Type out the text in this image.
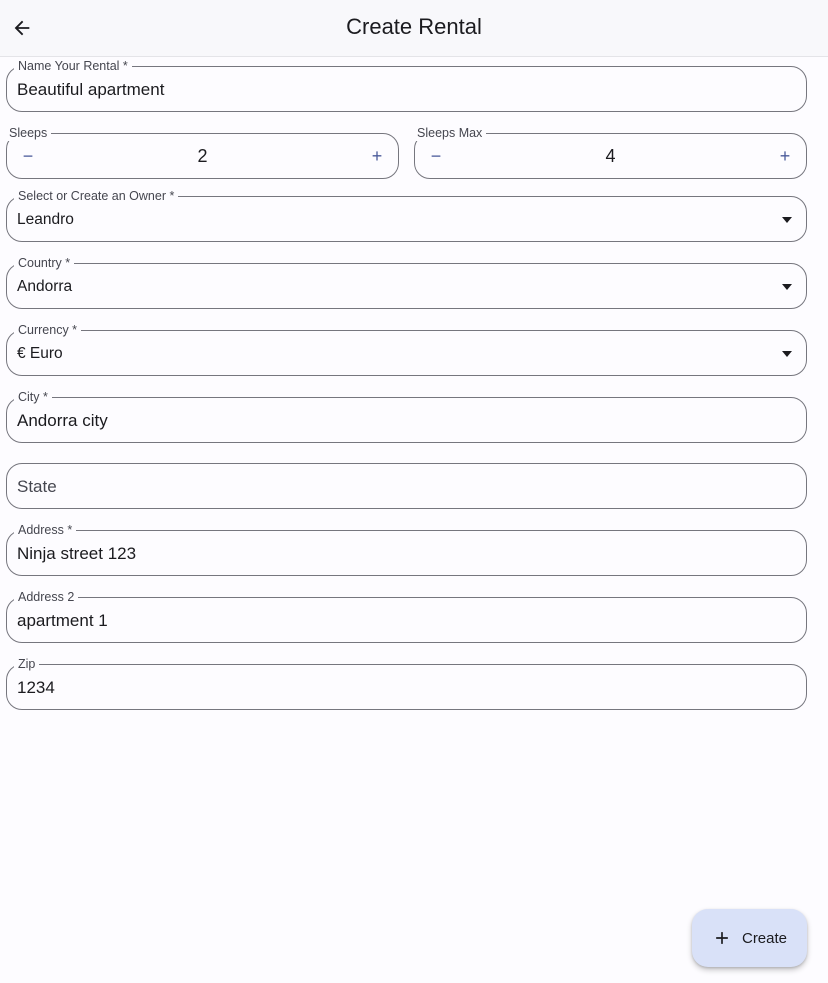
Create Rental
Name Your Rental *
Beautiful apartment
Sleeps
−	2	+
Sleeps Max
−	4	+
Select or Create an Owner *
Leandro
Country *
Andorra
Currency *
€ Euro
City *
Andorra city
State
Address *
Ninja street 123
Address 2
apartment 1
Zip
1234
Create
